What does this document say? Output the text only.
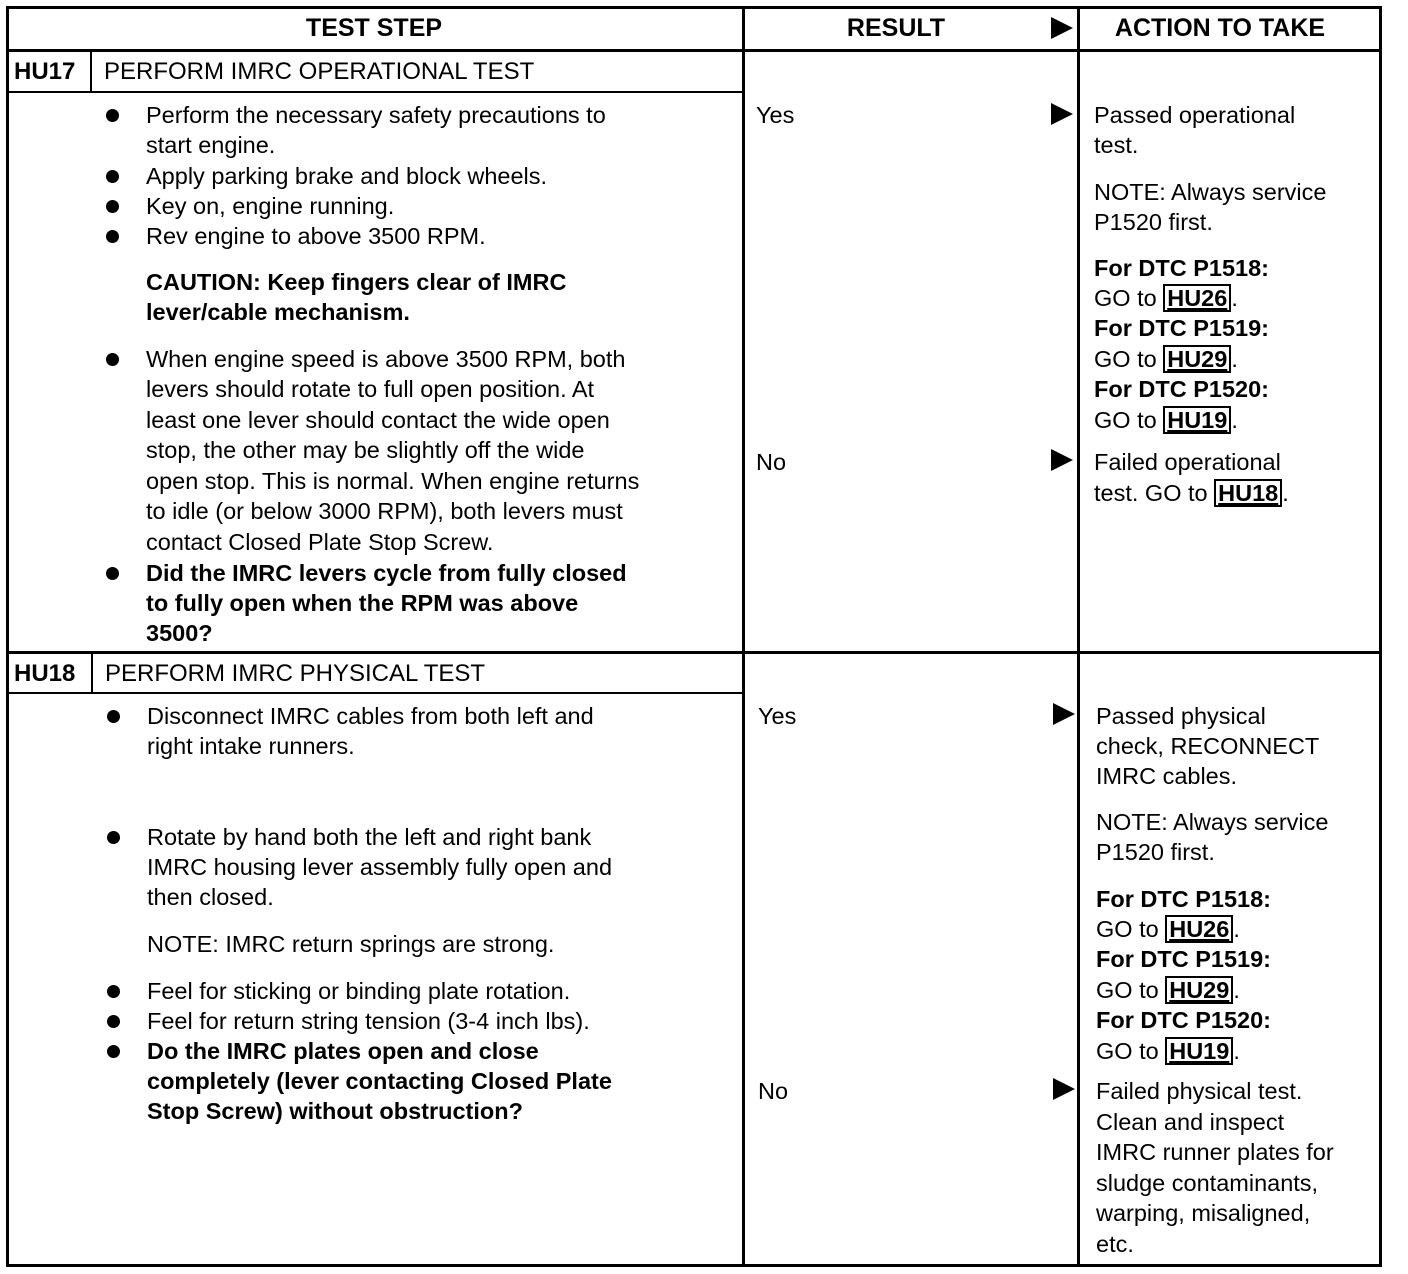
TEST STEP	RESULT	ACTION TO TAKE
HU17 PERFORM IMRC OPERATIONAL TEST
Perform the necessary safety precautions to
start engine.
Apply parking brake and block wheels.
Key on, engine running.
Rev engine to above 3500 RPM.
CAUTION: Keep fingers clear of IMRC
lever/cable mechanism.
When engine speed is above 3500 RPM, both
levers should rotate to full open position. At
least one lever should contact the wide open
stop, the other may be slightly off the wide
open stop. This is normal. When engine returns
to idle (or below 3000 RPM), both levers must
contact Closed Plate Stop Screw.
Did the IMRC levers cycle from fully closed
to fully open when the RPM was above
3500?
Yes
No
Passed operational
test.
NOTE: Always service
P1520 first.
For DTC P1518:
GO to HU26 .
For DTC P1519:
GO to HU29 .
For DTC P1520:
GO to HU19 .
Failed operational
test. GO to HU18 .
HU18 PERFORM IMRC PHYSICAL TEST
Disconnect IMRC cables from both left and
right intake runners.
Rotate by hand both the left and right bank
IMRC housing lever assembly fully open and
then closed.
NOTE: IMRC return springs are strong.
Feel for sticking or binding plate rotation.
Feel for return string tension (3-4 inch lbs).
Do the IMRC plates open and close
completely (lever contacting Closed Plate
Stop Screw) without obstruction?
Yes
No
Passed physical
check, RECONNECT
IMRC cables.
NOTE: Always service
P1520 first.
For DTC P1518:
GO to HU26 .
For DTC P1519:
GO to HU29 .
For DTC P1520:
GO to HU19 .
Failed physical test.
Clean and inspect
IMRC runner plates for
sludge contaminants,
warping, misaligned,
etc.
